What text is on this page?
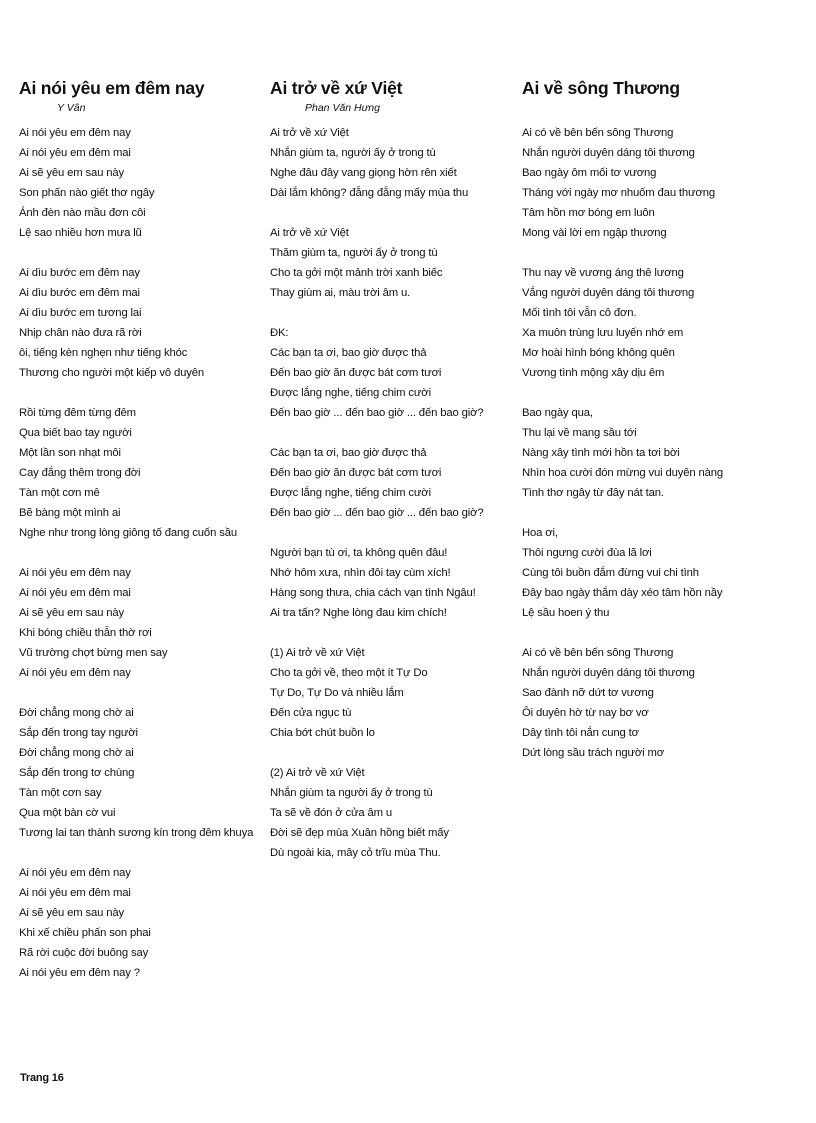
Ai nói yêu em đêm nay
Y Vân
Ai nói yêu em đêm nay
Ai nói yêu em đêm mai
Ai sẽ yêu em sau này
Son phấn nào giết thơ ngây
Ánh đèn nào mầu đơn côi
Lệ sao nhiều hơn mưa lũ
Ai dìu bước em đêm nay
Ai dìu bước em đêm mai
Ai dìu bước em tương lai
Nhịp chân nào đưa rã rời
ôi, tiếng kèn nghẹn như tiếng khóc
Thương cho người một kiếp vô duyên
Rồi từng đêm từng đêm
Qua biết bao tay người
Một lần son nhạt môi
Cay đắng thêm trong đời
Tàn một cơn mê
Bẽ bàng một mình ai
Nghe như trong lòng giông tố đang cuốn sầu
Ai nói yêu em đêm nay
Ai nói yêu em đêm mai
Ai sẽ yêu em sau này
Khi bóng chiều thẫn thờ rơi
Vũ trường chợt bừng men say
Ai nói yêu em đêm nay
Đời chẳng mong chờ ai
Sắp đến trong tay người
Đời chẳng mong chờ ai
Sắp đến trong tơ chùng
Tàn một cơn say
Qua một bàn cờ vui
Tương lai tan thành sương kín trong đêm khuya
Ai nói yêu em đêm nay
Ai nói yêu em đêm mai
Ai sẽ yêu em sau này
Khi xế chiều phấn son phai
Rã rời cuộc đời buông say
Ai nói yêu em đêm nay ?
Ai trở về xứ Việt
Phan Văn Hưng
Ai trở về xứ Việt
Nhắn giùm ta, người ấy ở trong tù
Nghe đâu đây vang giọng hờn rên xiết
Dài lắm không? đẵng đẵng mấy mùa thu
Ai trở về xứ Việt
Thăm giùm ta, người ấy ở trong tù
Cho ta gởi một mảnh trời xanh biếc
Thay giùm ai, màu trời âm u.
ĐK:
Các bạn ta ơi, bao giờ được thả
Đến bao giờ ăn được bát cơm tươi
Được lắng nghe, tiếng chim cười
Đến bao giờ ... đến bao giờ ... đến bao giờ?
Các bạn ta ơi, bao giờ được thả
Đến bao giờ ăn được bát cơm tươi
Được lắng nghe, tiếng chim cười
Đến bao giờ ... đến bao giờ ... đến bao giờ?
Người bạn tù ơi, ta không quên đâu!
Nhớ hôm xưa, nhìn đôi tay cùm xích!
Hàng song thưa, chia cách vạn tình Ngâu!
Ai tra tấn? Nghe lòng đau kim chích!
(1) Ai trở về xứ Việt
Cho ta gởi về, theo một ít Tự Do
Tự Do, Tự Do và nhiều lắm
Đến cửa ngục tù
Chia bớt chút buồn lo
(2) Ai trở về xứ Việt
Nhắn giùm ta người ấy ở trong tù
Ta sẽ về đón ở cửa âm u
Đời sẽ đẹp mùa Xuân hồng biết mấy
Dù ngoài kia, mây cỏ trĩu mùa Thu.
Ai về sông Thương
Ai có về bên bến sông Thương
Nhắn người duyên dáng tôi thương
Bao ngày ôm mối tơ vương
Tháng với ngày mơ nhuốm đau thương
Tâm hồn mơ bóng em luôn
Mong vài lời em ngập thương
Thu nay về vương áng thê lương
Vắng người duyên dáng tôi thương
Mối tình tôi vẫn cô đơn.
Xa muôn trùng lưu luyến nhớ em
Mơ hoài hình bóng không quên
Vương tình mộng xây dịu êm
Bao ngày qua,
Thu lại về mang sầu tới
Nàng xây tình mới hồn ta tơi bời
Nhìn hoa cười đón mừng vui duyên nàng
Tình thơ ngây từ đây nát tan.
Hoa ơi,
Thôi ngưng cười đùa lã lơi
Cùng tôi buồn đắm đừng vui chi tình
Đây bao ngày thắm dày xéo tâm hồn nầy
Lệ sầu hoen ý thu
Ai có về bên bến sông Thương
Nhắn người duyên dáng tôi thương
Sao đành nỡ dứt tơ vương
Ôi duyên hờ từ nay bơ vơ
Dây tình tôi nắn cung tơ
Dứt lòng sầu trách người mơ
Trang 16
